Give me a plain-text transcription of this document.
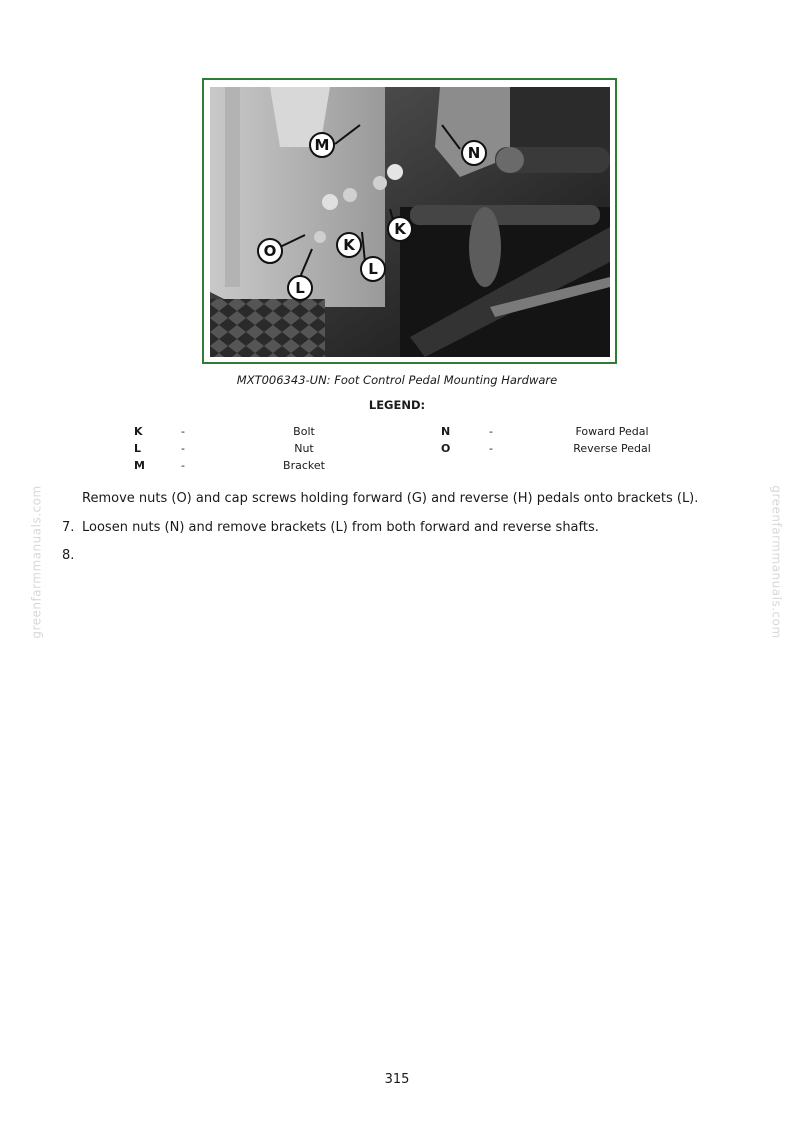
M	N
O	K
K
L
L
MXT006343-UN: Foot Control Pedal Mounting Hardware
LEGEND:
K	-	Bolt	N	-	Foward Pedal
L	-	Nut	O	-	Reverse Pedal
M	-	Bracket
Remove nuts (O) and cap screws holding forward (G) and reverse (H) pedals onto brackets (L).
7. Loosen nuts (N) and remove brackets (L) from both forward and reverse shafts.
8.
greenfarmmanuals.com	greenfarmmanuals.com
315
